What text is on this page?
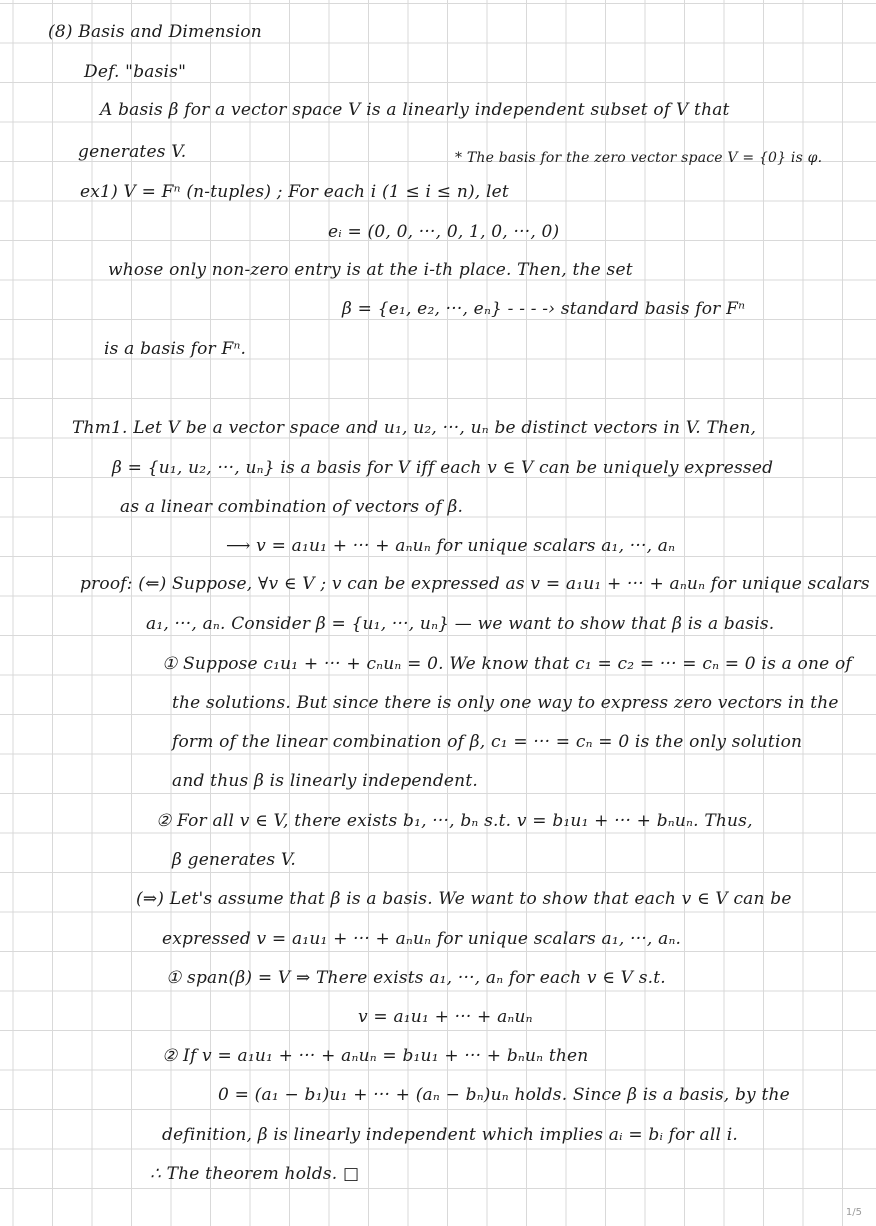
(8) Basis and Dimension
Def. "basis"
A basis β for a vector space V is a linearly independent subset of V that
generates V.	* The basis for the zero vector space V = {0} is φ.
ex1) V = Fⁿ (n-tuples) ; For each i (1 ≤ i ≤ n), let
eᵢ = (0, 0, ···, 0, 1, 0, ···, 0)
whose only non-zero entry is at the i-th place. Then, the set
β = {e₁, e₂, ···, eₙ} - - - -› standard basis for Fⁿ
is a basis for Fⁿ.
Thm1. Let V be a vector space and u₁, u₂, ···, uₙ be distinct vectors in V. Then,
β = {u₁, u₂, ···, uₙ} is a basis for V iff each v ∈ V can be uniquely expressed
as a linear combination of vectors of β.
⟶ v = a₁u₁ + ··· + aₙuₙ for unique scalars a₁, ···, aₙ
proof: (⇐) Suppose, ∀v ∈ V ; v can be expressed as v = a₁u₁ + ··· + aₙuₙ for unique scalars
a₁, ···, aₙ. Consider β = {u₁, ···, uₙ} — we want to show that β is a basis.
① Suppose c₁u₁ + ··· + cₙuₙ = 0. We know that c₁ = c₂ = ··· = cₙ = 0 is a one of
the solutions. But since there is only one way to express zero vectors in the
form of the linear combination of β, c₁ = ··· = cₙ = 0 is the only solution
and thus β is linearly independent.
② For all v ∈ V, there exists b₁, ···, bₙ s.t. v = b₁u₁ + ··· + bₙuₙ. Thus,
β generates V.
(⇒) Let's assume that β is a basis. We want to show that each v ∈ V can be
expressed v = a₁u₁ + ··· + aₙuₙ for unique scalars a₁, ···, aₙ.
① span(β) = V ⇒ There exists a₁, ···, aₙ for each v ∈ V s.t.
v = a₁u₁ + ··· + aₙuₙ
② If v = a₁u₁ + ··· + aₙuₙ = b₁u₁ + ··· + bₙuₙ then
0 = (a₁ − b₁)u₁ + ··· + (aₙ − bₙ)uₙ holds. Since β is a basis, by the
definition, β is linearly independent which implies aᵢ = bᵢ for all i.
∴ The theorem holds. □
1/5
